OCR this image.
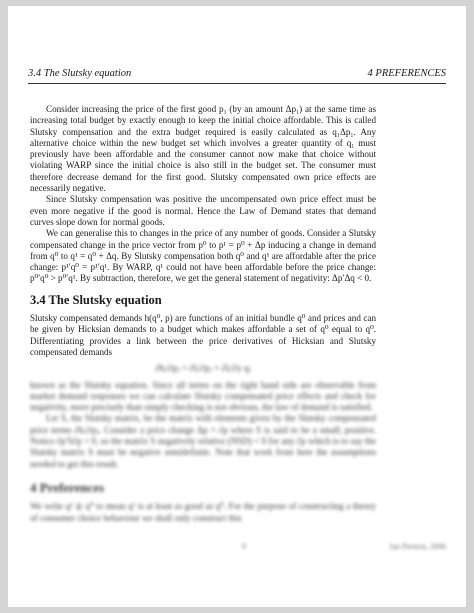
3.4 The Slutsky equation	4 PREFERENCES

Consider increasing the price of the first good p₁ (by an amount Δp₁) at the same time as increasing total budget by exactly enough to keep the initial choice affordable. This is called Slutsky compensation and the extra budget required is easily calculated as q₁Δp₁. Any alternative choice within the new budget set which involves a greater quantity of q₁ must previously have been affordable and the consumer cannot now make that choice without violating WARP since the initial choice is also still in the budget set. The consumer must therefore decrease demand for the first good. Slutsky compensated own price effects are necessarily negative.

Since Slutsky compensation was positive the uncompensated own price effect must be even more negative if the good is normal. Hence the Law of Demand states that demand curves slope down for normal goods.

We can generalise this to changes in the price of any number of goods. Consider a Slutsky compensated change in the price vector from p⁰ to p¹ = p⁰ + Δp inducing a change in demand from q⁰ to q¹ = q⁰ + Δq. By Slutsky compensation both q⁰ and q¹ are affordable after the price change: p¹′q⁰ = p¹′q¹. By WARP, q¹ could not have been affordable before the price change: p⁰′q⁰ > p⁰′q¹. By subtraction, therefore, we get the general statement of negativity: Δp′Δq < 0.

3.4 The Slutsky equation

Slutsky compensated demands h(q⁰, p) are functions of an initial bundle q⁰ and prices and can be given by Hicksian demands to a budget which makes affordable a set of q⁰ equal to q⁰. Differentiating provides a link between the price derivatives of Hicksian and Slutsky compensated demands

∂hᵢ/∂pⱼ = ∂lᵢ/∂pⱼ + ∂lᵢ/∂y qⱼ

known as the Slutsky equation. Since all terms on the right hand side are observable from market demand responses we can calculate Slutsky compensated price effects and check for negativity, more precisely than simply checking is not obvious, the law of demand is satisfied.

Let S, the Slutsky matrix, be the matrix with elements given by the Slutsky compensated price terms ∂hᵢ/∂pⱼ. Consider a price change Δp = ∂p where S is said to be a small; positive. Notice ∂p′S∂p < 0, so the matrix S negatively relative (NSD) < 0 for any ∂p which is to say the Slutsky matrix S must be negative semidefinite. Note that work from here the assumptions needed to get this result.

4 Preferences

We write q¹ ≿ q⁰ to mean q¹ is at least as good as q⁰. For the purpose of constructing a theory of consumer choice behaviour we shall only construct this

9	Ian Preston, 2006
